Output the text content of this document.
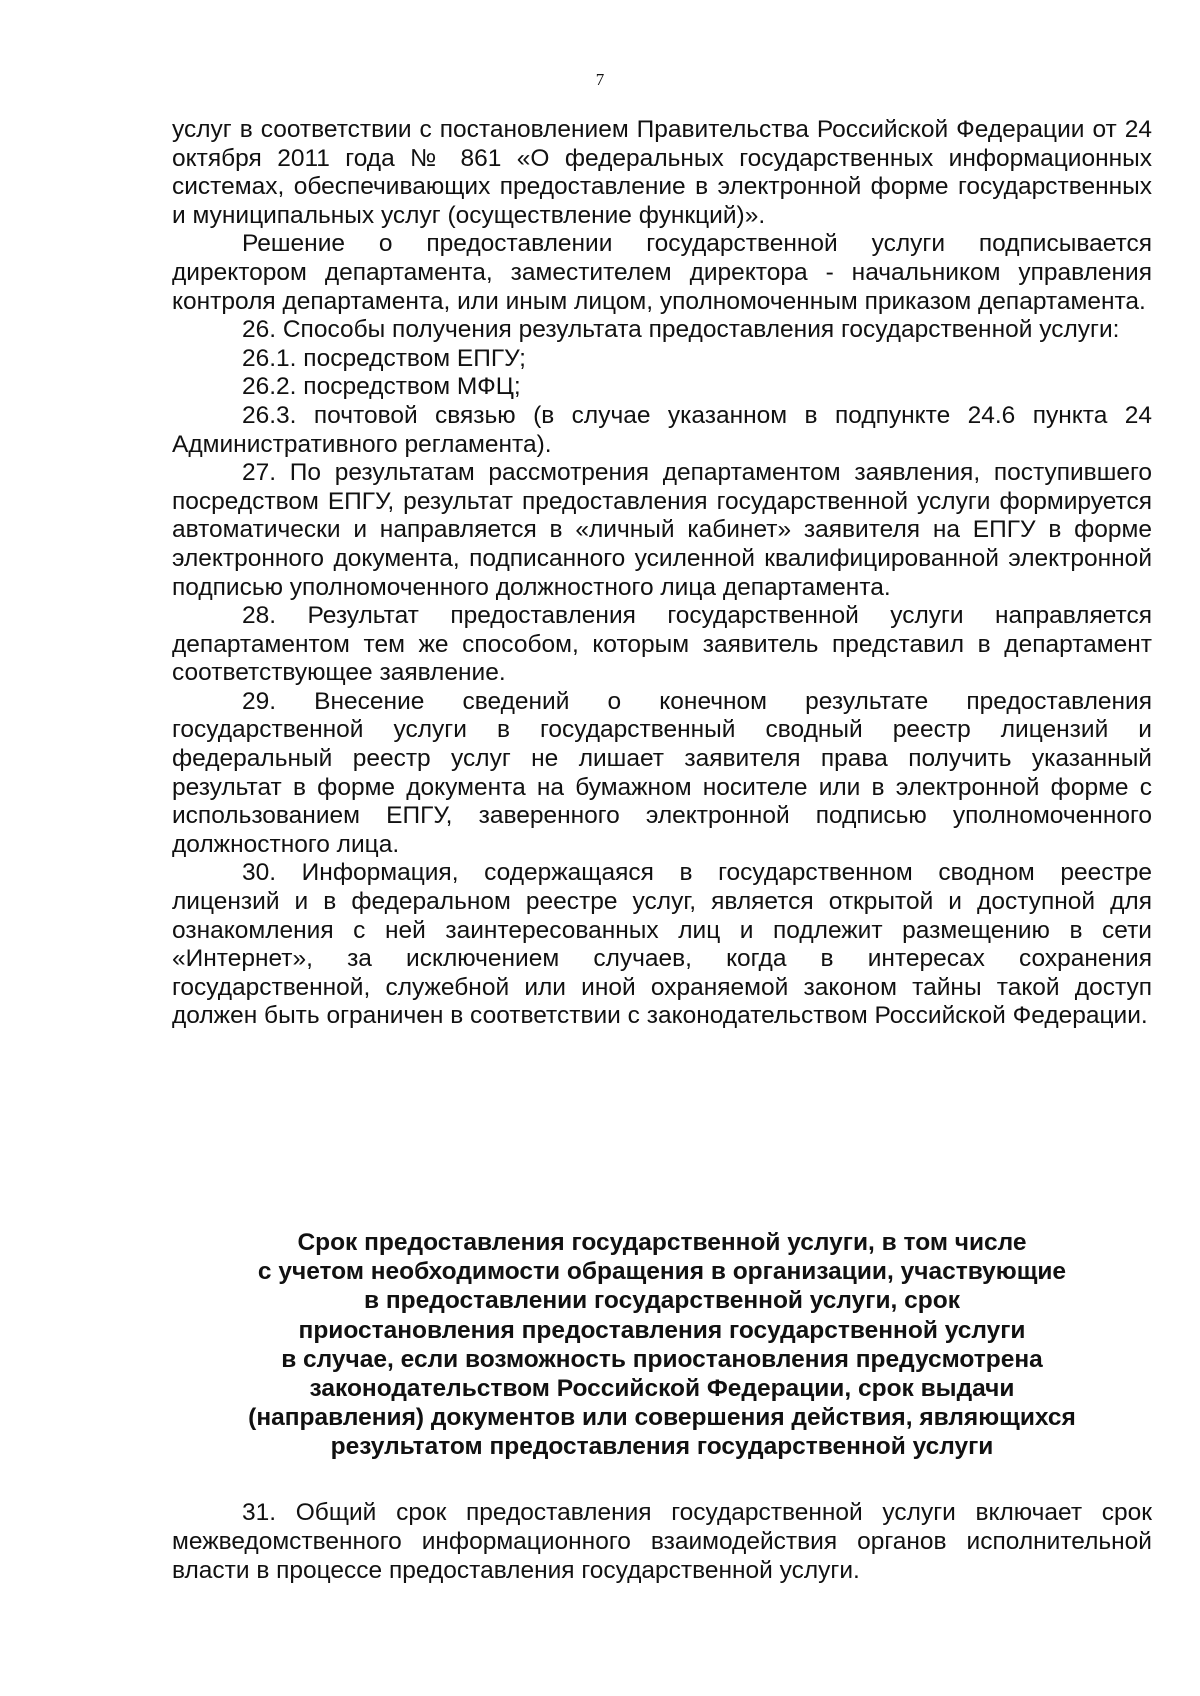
7

услуг в соответствии с постановлением Правительства Российской Федерации от 24 октября 2011 года № 861 «О федеральных государственных информационных системах, обеспечивающих предоставление в электронной форме государственных и муниципальных услуг (осуществление функций)».

Решение о предоставлении государственной услуги подписывается директором департамента, заместителем директора - начальником управления контроля департамента, или иным лицом, уполномоченным приказом департамента.

26. Способы получения результата предоставления государственной услуги:

26.1. посредством ЕПГУ;

26.2. посредством МФЦ;

26.3. почтовой связью (в случае указанном в подпункте 24.6 пункта 24 Административного регламента).

27. По результатам рассмотрения департаментом заявления, поступившего посредством ЕПГУ, результат предоставления государственной услуги формируется автоматически и направляется в «личный кабинет» заявителя на ЕПГУ в форме электронного документа, подписанного усиленной квалифицированной электронной подписью уполномоченного должностного лица департамента.

28. Результат предоставления государственной услуги направляется департаментом тем же способом, которым заявитель представил в департамент соответствующее заявление.

29. Внесение сведений о конечном результате предоставления государственной услуги в государственный сводный реестр лицензий и федеральный реестр услуг не лишает заявителя права получить указанный результат в форме документа на бумажном носителе или в электронной форме с использованием ЕПГУ, заверенного электронной подписью уполномоченного должностного лица.

30. Информация, содержащаяся в государственном сводном реестре лицензий и в федеральном реестре услуг, является открытой и доступной для ознакомления с ней заинтересованных лиц и подлежит размещению в сети «Интернет», за исключением случаев, когда в интересах сохранения государственной, служебной или иной охраняемой законом тайны такой доступ должен быть ограничен в соответствии с законодательством Российской Федерации.

Срок предоставления государственной услуги, в том числе
с учетом необходимости обращения в организации, участвующие
в предоставлении государственной услуги, срок
приостановления предоставления государственной услуги
в случае, если возможность приостановления предусмотрена
законодательством Российской Федерации, срок выдачи
(направления) документов или совершения действия, являющихся
результатом предоставления государственной услуги

31. Общий срок предоставления государственной услуги включает срок межведомственного информационного взаимодействия органов исполнительной власти в процессе предоставления государственной услуги.
